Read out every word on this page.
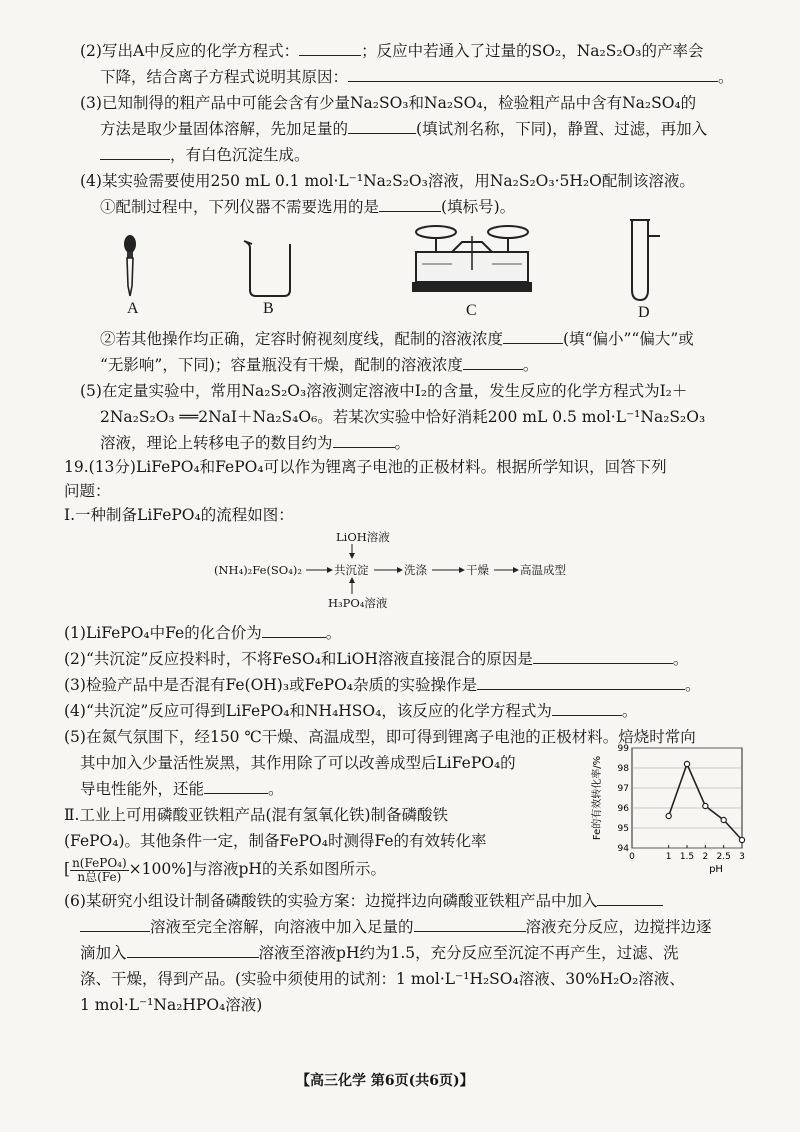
(2)写出A中反应的化学方程式：	；反应中若通入了过量的SO₂，Na₂S₂O₃的产率会
下降，结合离子方程式说明其原因：	。
(3)已知制得的粗产品中可能会含有少量Na₂SO₃和Na₂SO₄，检验粗产品中含有Na₂SO₄的
方法是取少量固体溶解，先加足量的	(填试剂名称，下同)，静置、过滤，再加入
，有白色沉淀生成。
(4)某实验需要使用250 mL 0.1 mol·L⁻¹Na₂S₂O₃溶液，用Na₂S₂O₃·5H₂O配制该溶液。
①配制过程中，下列仪器不需要选用的是	(填标号)。
A	B	C	D
②若其他操作均正确，定容时俯视刻度线，配制的溶液浓度	(填“偏小”“偏大”或
“无影响”，下同)；容量瓶没有干燥，配制的溶液浓度	。
(5)在定量实验中，常用Na₂S₂O₃溶液测定溶液中I₂的含量，发生反应的化学方程式为I₂＋
2Na₂S₂O₃ ══2NaI＋Na₂S₄O₆。若某次实验中恰好消耗200 mL 0.5 mol·L⁻¹Na₂S₂O₃
溶液，理论上转移电子的数目约为	。
19.(13分)LiFePO₄和FePO₄可以作为锂离子电池的正极材料。根据所学知识，回答下列
问题：
Ⅰ.一种制备LiFePO₄的流程如图：
LiOH溶液
(NH₄)₂Fe(SO₄)₂	共沉淀	洗涤	干燥	高温成型
H₃PO₄溶液
(1)LiFePO₄中Fe的化合价为	。
(2)“共沉淀”反应投料时，不将FeSO₄和LiOH溶液直接混合的原因是	。
(3)检验产品中是否混有Fe(OH)₃或FePO₄杂质的实验操作是	。
(4)“共沉淀”反应可得到LiFePO₄和NH₄HSO₄，该反应的化学方程式为	。
(5)在氮气氛围下，经150 ℃干燥、高温成型，即可得到锂离子电池的正极材料。焙烧时常向
其中加入少量活性炭黑，其作用除了可以改善成型后LiFePO₄的
导电性能外，还能	。
Ⅱ.工业上可用磷酸亚铁粗产品(混有氢氧化铁)制备磷酸铁
(FePO₄)。其他条件一定，制备FePO₄时测得Fe的有效转化率
[ $\frac{\text{n(FePO₄)}}{\text{n总(Fe)}} \times 100\%$]与溶液pH的关系如图所示。
94
95
96
97
98
99
0	1 1.5 2 2.5 3
Fe的有效转化率/%
pH
(6)某研究小组设计制备磷酸铁的实验方案：边搅拌边向磷酸亚铁粗产品中加入
溶液至完全溶解，向溶液中加入足量的	溶液充分反应，边搅拌边逐
滴加入	溶液至溶液pH约为1.5，充分反应至沉淀不再产生，过滤、洗
涤、干燥，得到产品。(实验中须使用的试剂：1 mol·L⁻¹H₂SO₄溶液、30%H₂O₂溶液、
1 mol·L⁻¹Na₂HPO₄溶液)
【高三化学 第6页(共6页)】
